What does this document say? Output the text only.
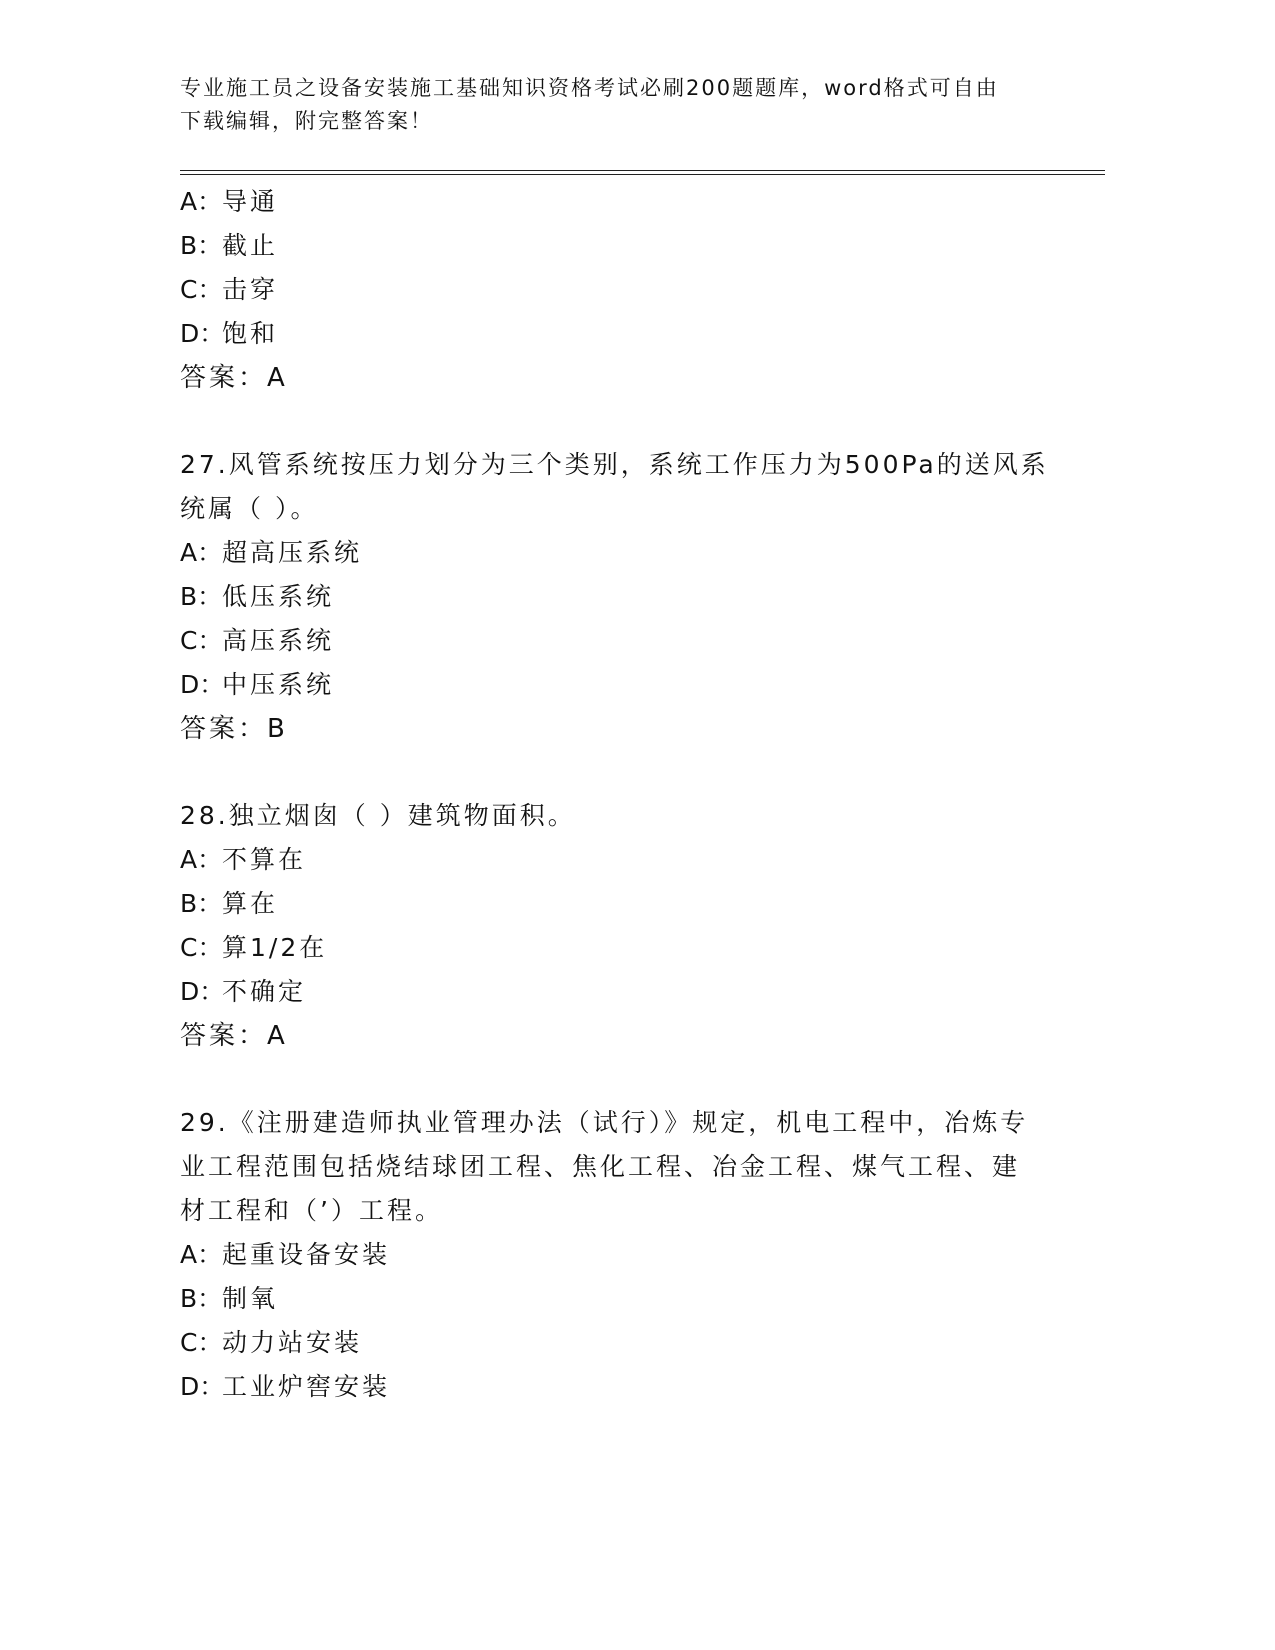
专业施工员之设备安装施工基础知识资格考试必刷200题题库，word格式可自由
下载编辑，附完整答案！
A：导通
B：截止
C：击穿
D：饱和
答案：A
27.风管系统按压力划分为三个类别，系统工作压力为500Pa的送风系
统属（ ）。
A：超高压系统
B：低压系统
C：高压系统
D：中压系统
答案：B
28.独立烟囱（ ）建筑物面积。
A：不算在
B：算在
C：算1/2在
D：不确定
答案：A
29.《注册建造师执业管理办法（试行）》规定，机电工程中，冶炼专
业工程范围包括烧结球团工程、焦化工程、冶金工程、煤气工程、建
材工程和（’）工程。
A：起重设备安装
B：制氧
C：动力站安装
D：工业炉窖安装
